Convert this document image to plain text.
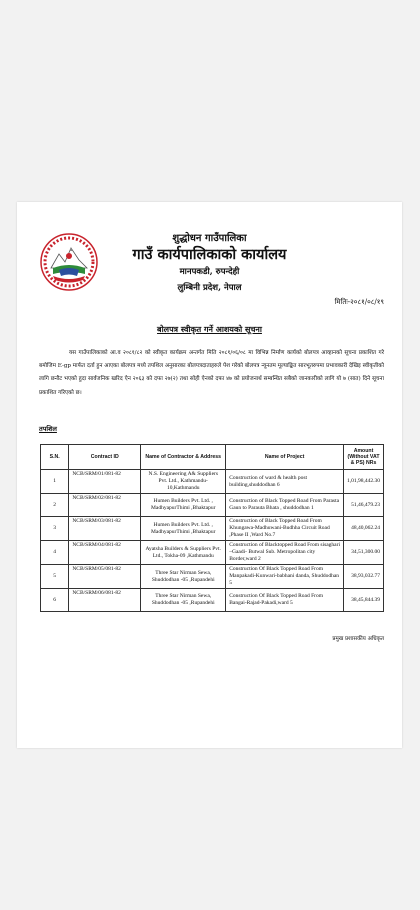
शुद्धोधन गाउँपालिका
गाउँ कार्यपालिकाको कार्यालय
मानपकडी, रुपन्देही
लुम्बिनी प्रदेश, नेपाल
मितिः-२०८१/०८/१९
बोलपत्र स्वीकृत गर्ने आशयको सूचना
यस गाउँपालिकाको आ.व २०८१/८२ को स्वीकृत कार्यक्रम अन्तर्गत मिति २०८१/०६/०८ मा विभिन्न निर्माण कार्यको बोलपत्र आव्हानको सूचना प्रकाशित गरे बमोजिम E-gp मार्फत दर्ता हुन आएका बोलपत्र मध्ये तपशिल अनुसारका बोलपत्रदाताहरुले पेश गरेको बोलपत्र न्यूनतम मूल्याङ्कित सारभूतरुपमा प्रभावकारी देखिइ स्वीकृतीको लागि छनौट भएको हुदा सार्वजनिक खरिद ऐन २०६३ को दफा २७(२) तथा सोही ऐनको दफा ४७ को प्रयोजनार्थ सम्बन्धित सबैको जानकारीको लागि यो ७ (सात) दिने सूचना प्रकाशित गरिएको छ।
तपशिल
S.N.	Contract ID	Name of Contractor & Address	Name of Project	Amount (Without VAT & PS) NRs
1	NCB/SRM/01/081-82	N.S. Engineering A& Suppliers Pvt. Ltd., Kathmandu-10,Kathmandu	Construction of ward & health post building,shuddodhan 6	1,01,98,442.30
2	NCB/SRM/02/081-82	Humen Builders Pvt. Ltd. , MadhyapurThimi ,Bhaktapur	Construction of Black Topped Road From Parasta Gaun to Parauta Bhata , shuddodhan 1	51,46,479.23
3	NCB/SRM/03/081-82	Humen Builders Pvt. Ltd. , MadhyapurThimi ,Bhaktapur	Construction of Black Topped Road From Khungawa-Madhuwani-Budhha Circuit Road ,Phase II ,Ward No.7	48,40,062.24
4	NCB/SRM/04/081-82	Ayatsha Builders & Suppliers Pvt. Ltd., Tokha-09 ,Kathmandu	Construction of Blacktopped Road From sisaghari –Gaadi- Butwal Sub. Metropolitan city Border,ward 2	34,51,300.00
5	NCB/SRM/05/081-82	Three Star Nirman Sewa, Shuddodhan -05 ,Rupandehi	Construction Of Black Topped Road From Manpakadi-Kunwari-babhani danda, Shuddodhan 5	38,93,032.77
6	NCB/SRM/06/081-82	Three Star Nirman Sewa, Shuddodhan -05 ,Rupandehi	Construction Of Black Topped Road From Bangai-Rajad-Pakadi,ward 5	38,45,844.39
प्रमुख प्रशासकीय अधिकृत
